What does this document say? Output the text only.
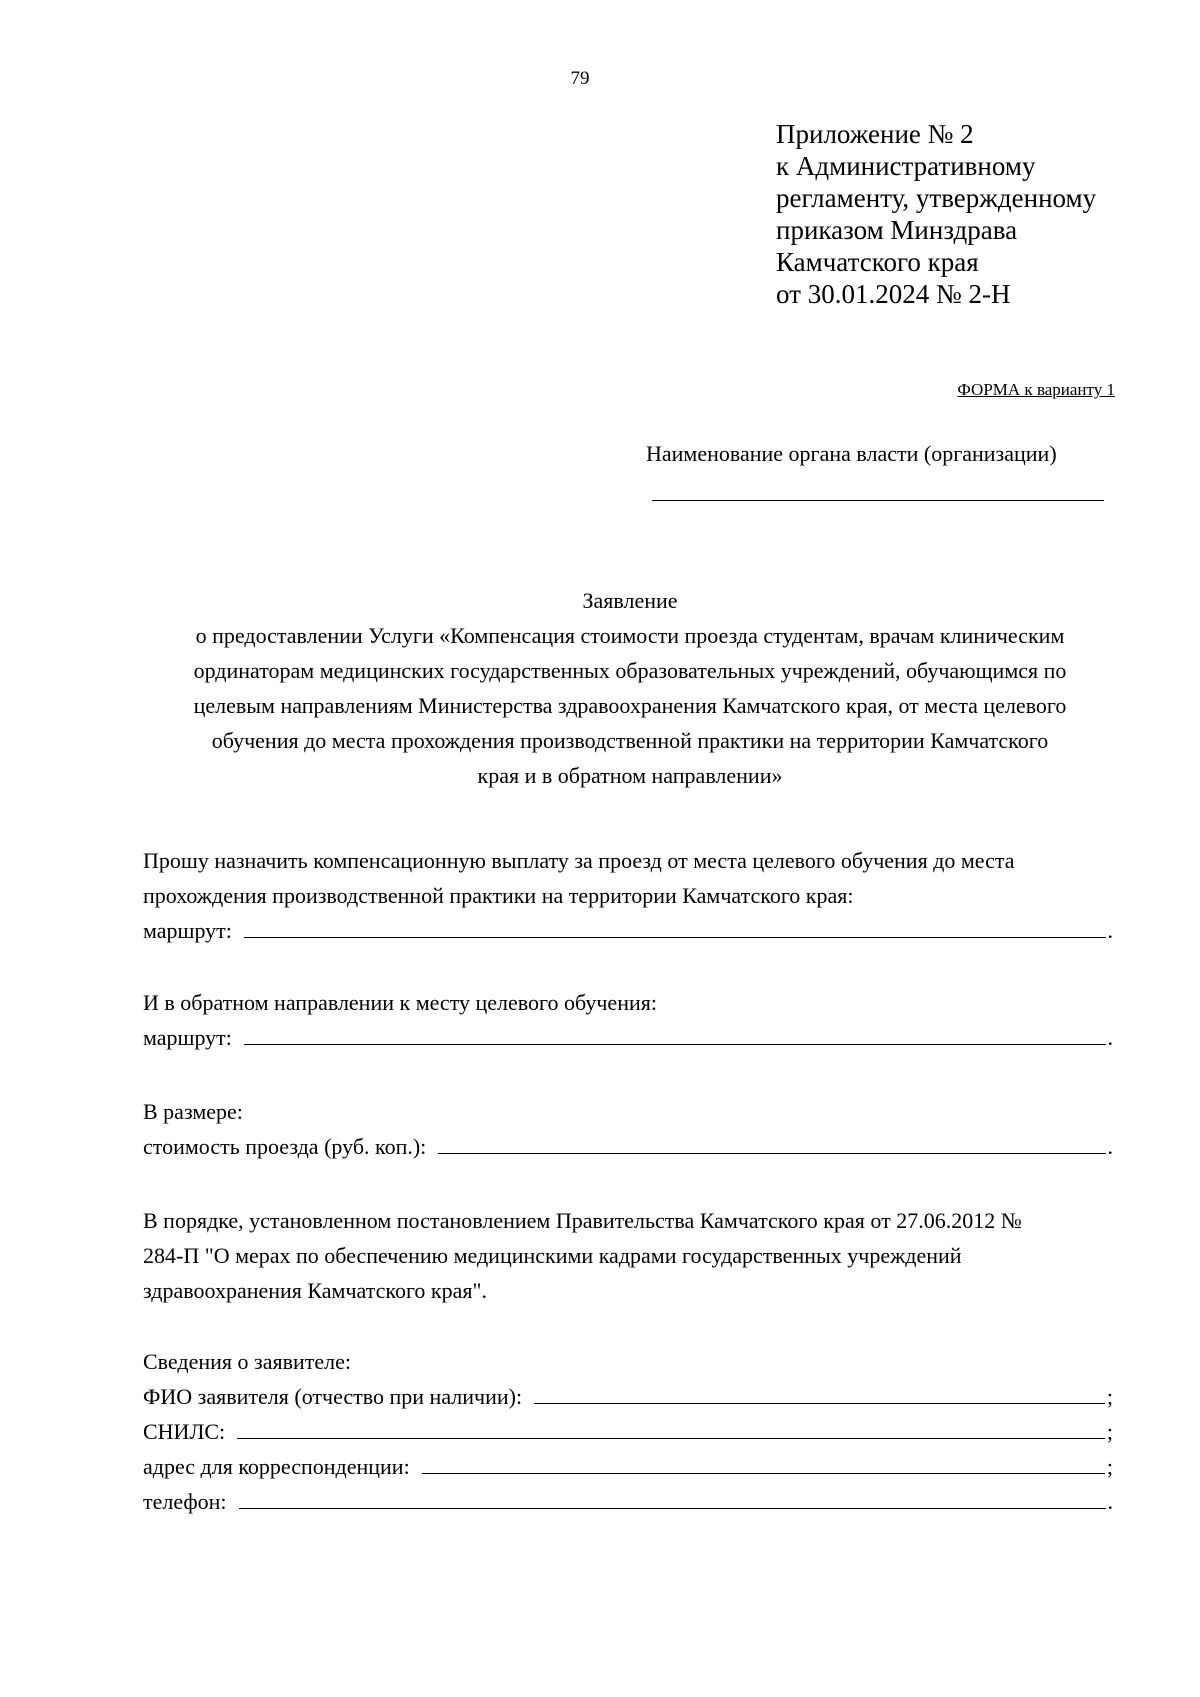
79
Приложение № 2
к Административному
регламенту, утвержденному
приказом Минздрава
Камчатского края
от 30.01.2024 № 2-Н
ФОРМА к варианту 1
Наименование органа власти (организации)
Заявление
о предоставлении Услуги «Компенсация стоимости проезда студентам, врачам клиническим
ординаторам медицинских государственных образовательных учреждений, обучающимся по
целевым направлениям Министерства здравоохранения Камчатского края, от места целевого
обучения до места прохождения производственной практики на территории Камчатского
края и в обратном направлении»
Прошу назначить компенсационную выплату за проезд от места целевого обучения до места
прохождения производственной практики на территории Камчатского края:
маршрут:	.
И в обратном направлении к месту целевого обучения:
маршрут:	.
В размере:
стоимость проезда (руб. коп.):	.
В порядке, установленном постановлением Правительства Камчатского края от 27.06.2012 №
284-П "О мерах по обеспечению медицинскими кадрами государственных учреждений
здравоохранения Камчатского края".
Сведения о заявителе:
ФИО заявителя (отчество при наличии):	;
СНИЛС:	;
адрес для корреспонденции:	;
телефон:	.
